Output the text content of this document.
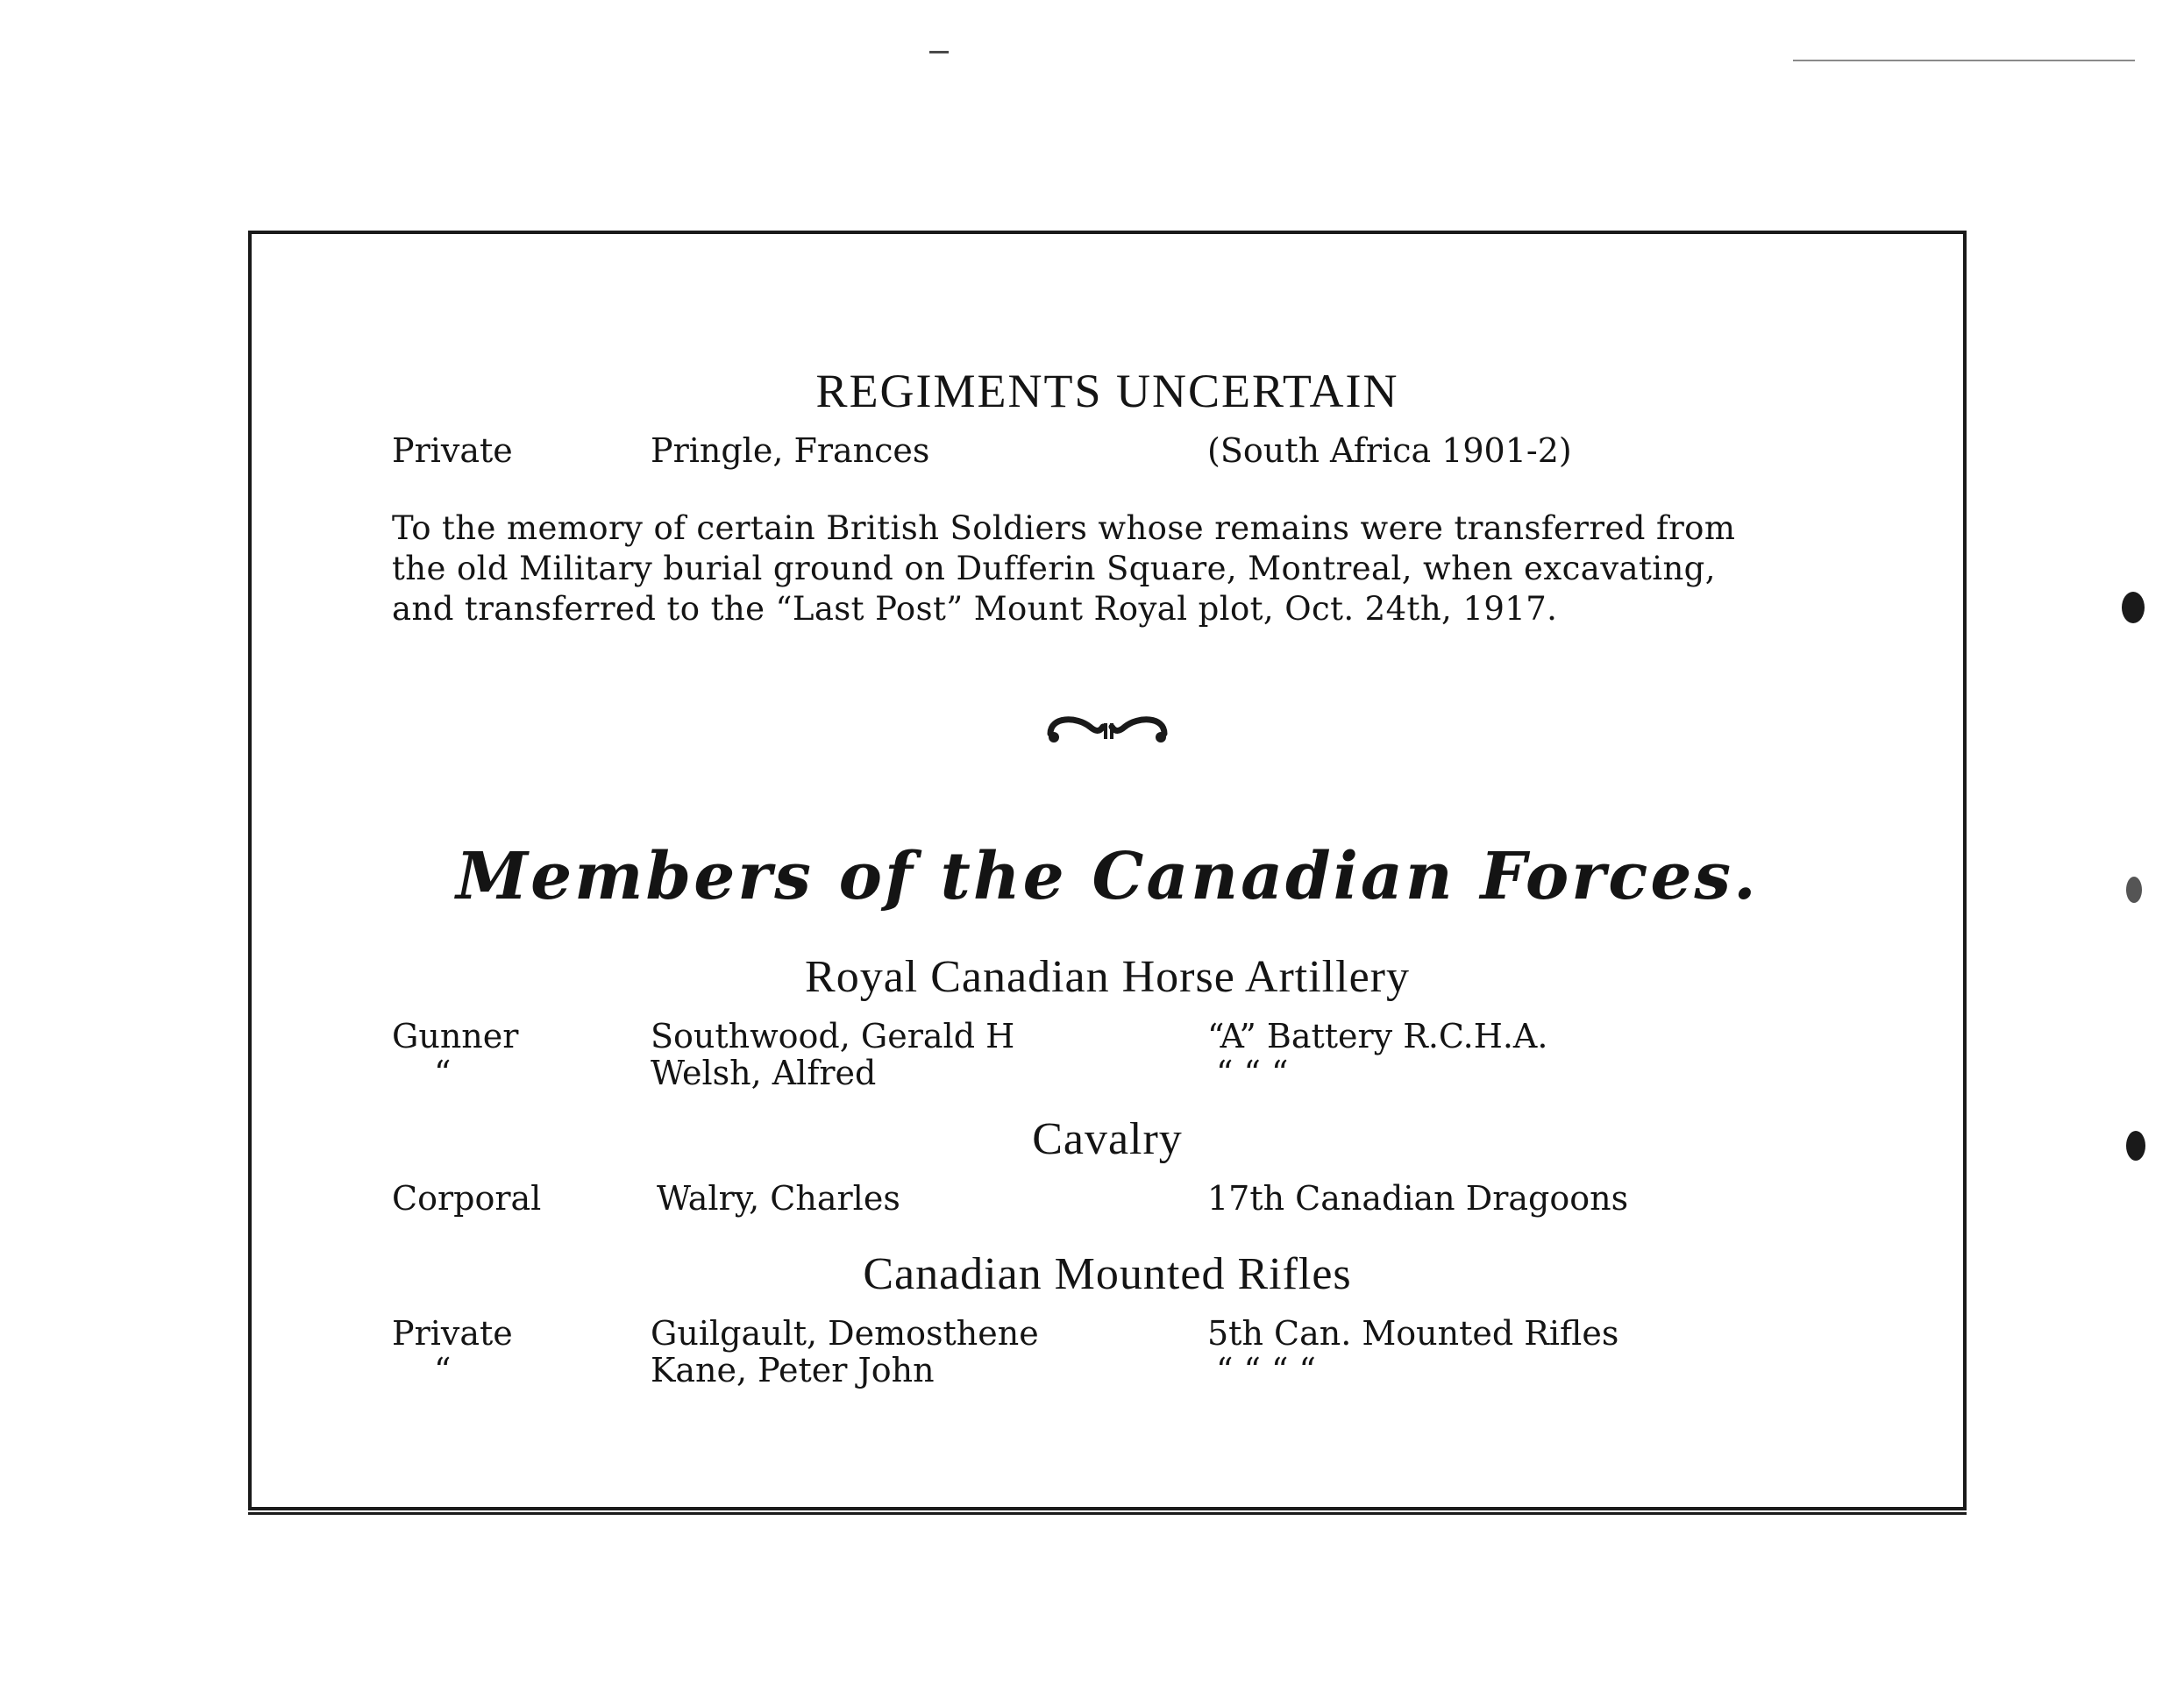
REGIMENTS UNCERTAIN
Private	Pringle, Frances	(South Africa 1901-2)
To the memory of certain British Soldiers whose remains were transferred from
the old Military burial ground on Dufferin Square, Montreal, when excavating,
and transferred to the “Last Post” Mount Royal plot, Oct. 24th, 1917.
Members of the Canadian Forces.
Royal Canadian Horse Artillery
Gunner	Southwood, Gerald H	“A” Battery R.C.H.A.
“	Welsh, Alfred	“ “ “
Cavalry
Corporal	Walry, Charles	17th Canadian Dragoons
Canadian Mounted Rifles
Private	Guilgault, Demosthene	5th Can. Mounted Rifles
“	Kane, Peter John	“ “ “ “
